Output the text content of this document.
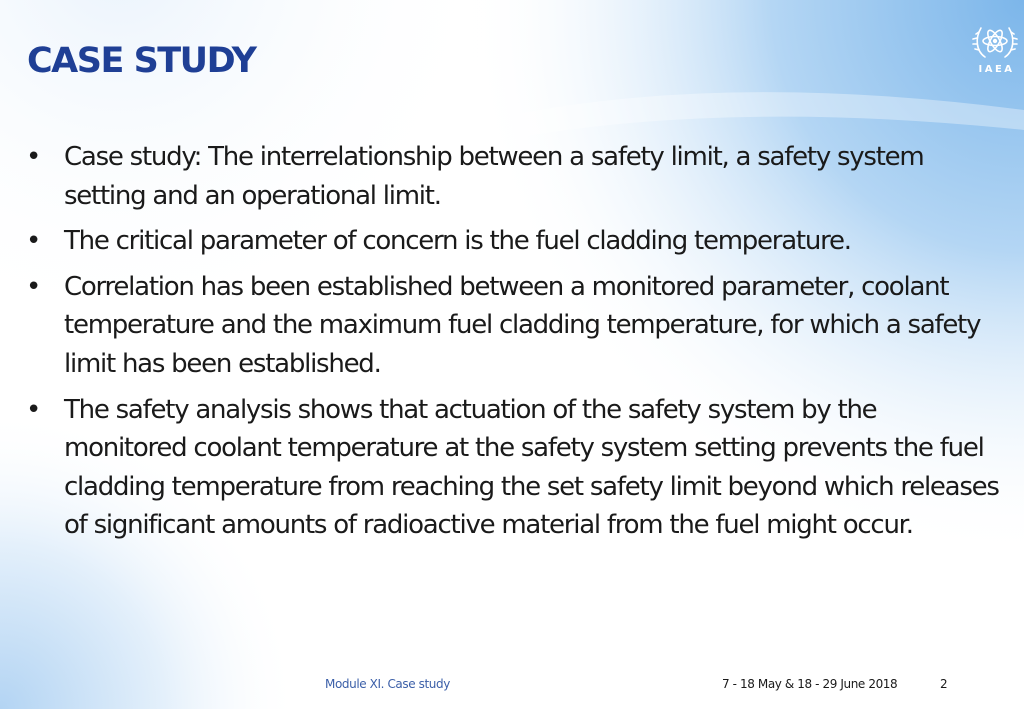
CASE STUDY	IAEA
• Case study: The interrelationship between a safety limit, a safety system setting and an operational limit.
• The critical parameter of concern is the fuel cladding temperature.
• Correlation has been established between a monitored parameter, coolant temperature and the maximum fuel cladding temperature, for which a safety limit has been established.
• The safety analysis shows that actuation of the safety system by the monitored coolant temperature at the safety system setting prevents the fuel cladding temperature from reaching the set safety limit beyond which releases of significant amounts of radioactive material from the fuel might occur.
Module XI. Case study	7 - 18 May & 18 - 29 June 2018	2
